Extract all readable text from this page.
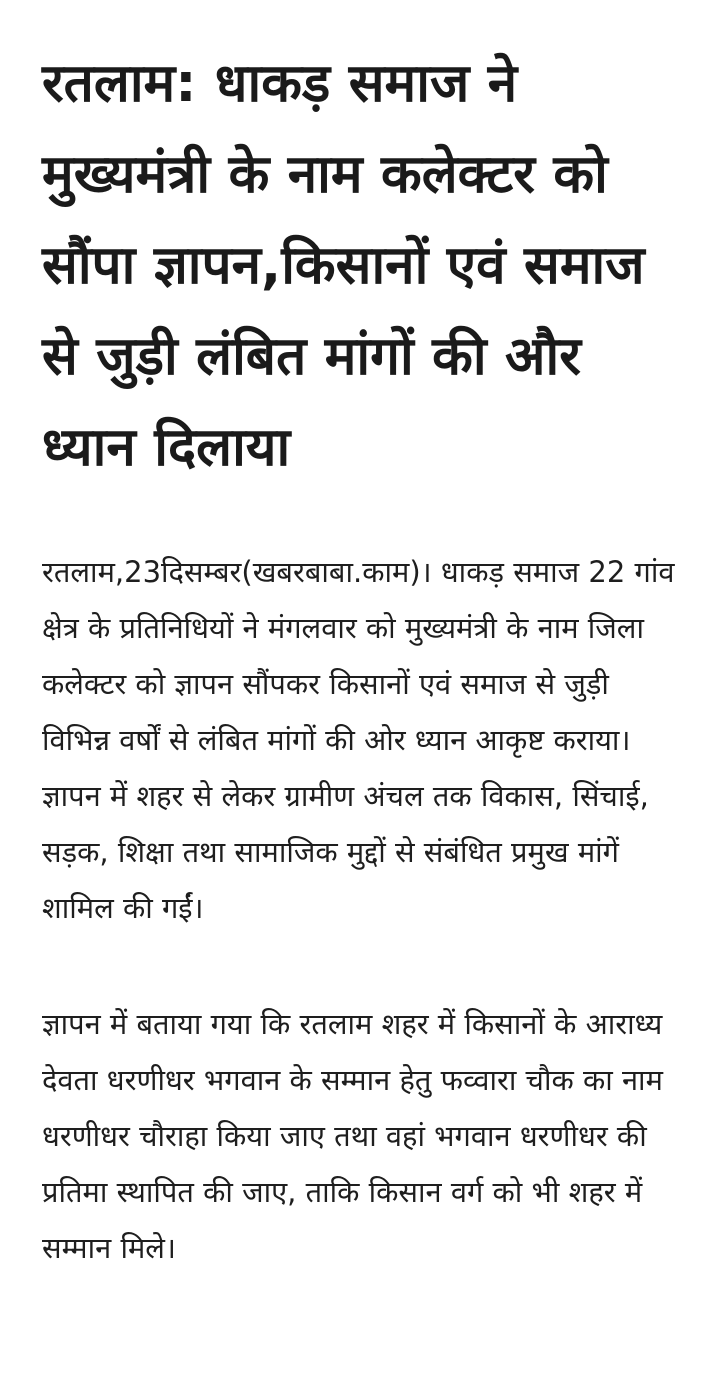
रतलाम: धाकड़ समाज ने मुख्यमंत्री के नाम कलेक्टर को सौंपा ज्ञापन,किसानों एवं समाज से जुड़ी लंबित मांगों की और ध्यान दिलाया

रतलाम,23दिसम्बर(खबरबाबा.काम)। धाकड़ समाज 22 गांव क्षेत्र के प्रतिनिधियों ने मंगलवार को मुख्यमंत्री के नाम जिला कलेक्टर को ज्ञापन सौंपकर किसानों एवं समाज से जुड़ी विभिन्न वर्षों से लंबित मांगों की ओर ध्यान आकृष्ट कराया। ज्ञापन में शहर से लेकर ग्रामीण अंचल तक विकास, सिंचाई, सड़क, शिक्षा तथा सामाजिक मुद्दों से संबंधित प्रमुख मांगें शामिल की गईं।

ज्ञापन में बताया गया कि रतलाम शहर में किसानों के आराध्य देवता धरणीधर भगवान के सम्मान हेतु फव्वारा चौक का नाम धरणीधर चौराहा किया जाए तथा वहां भगवान धरणीधर की प्रतिमा स्थापित की जाए, ताकि किसान वर्ग को भी शहर में सम्मान मिले।
